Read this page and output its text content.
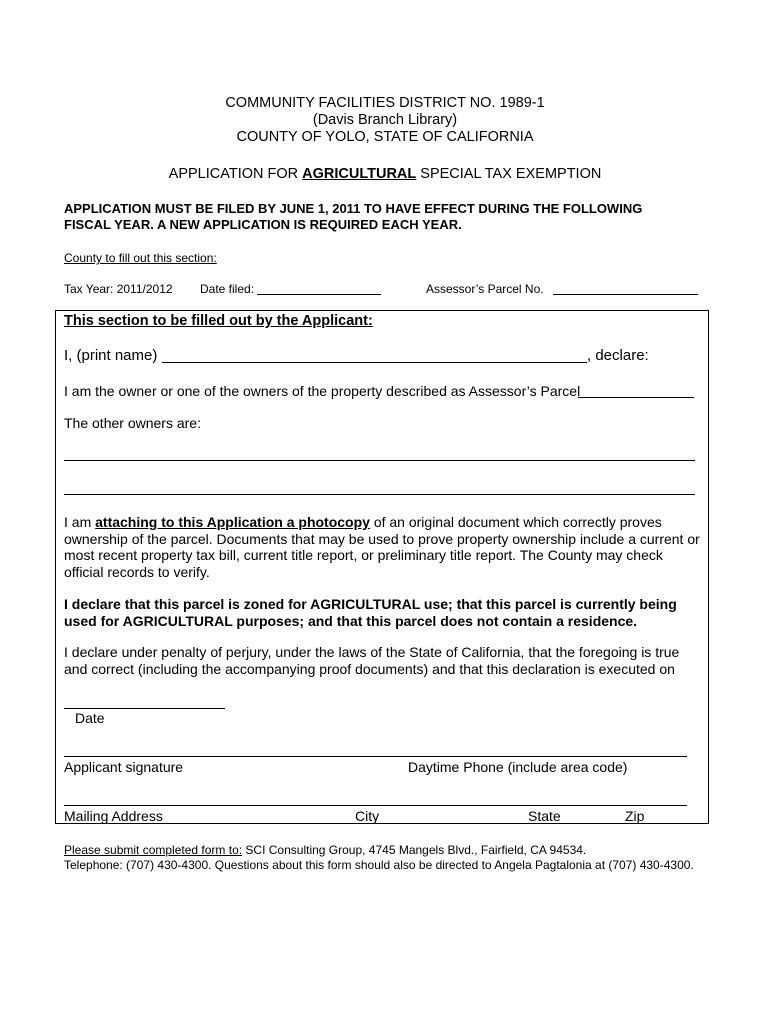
COMMUNITY FACILITIES DISTRICT NO. 1989-1
(Davis Branch Library)
COUNTY OF YOLO, STATE OF CALIFORNIA
APPLICATION FOR AGRICULTURAL SPECIAL TAX EXEMPTION
APPLICATION MUST BE FILED BY JUNE 1, 2011 TO HAVE EFFECT DURING THE FOLLOWING
FISCAL YEAR. A NEW APPLICATION IS REQUIRED EACH YEAR.
County to fill out this section:
Tax Year: 2011/2012 Date filed:	Assessor’s Parcel No.
This section to be filled out by the Applicant:
I, (print name)	, declare:
I am the owner or one of the owners of the property described as Assessor’s Parcel
The other owners are:
I am attaching to this Application a photocopy of an original document which correctly proves ownership of the parcel. Documents that may be used to prove property ownership include a current or most recent property tax bill, current title report, or preliminary title report. The County may check official records to verify.
I declare that this parcel is zoned for AGRICULTURAL use; that this parcel is currently being used for AGRICULTURAL purposes; and that this parcel does not contain a residence.
I declare under penalty of perjury, under the laws of the State of California, that the foregoing is true and correct (including the accompanying proof documents) and that this declaration is executed on
Date
Applicant signature	Daytime Phone (include area code)
Mailing Address	City	State	Zip
Please submit completed form to: SCI Consulting Group, 4745 Mangels Blvd., Fairfield, CA 94534.
Telephone: (707) 430-4300. Questions about this form should also be directed to Angela Pagtalonia at (707) 430-4300.
